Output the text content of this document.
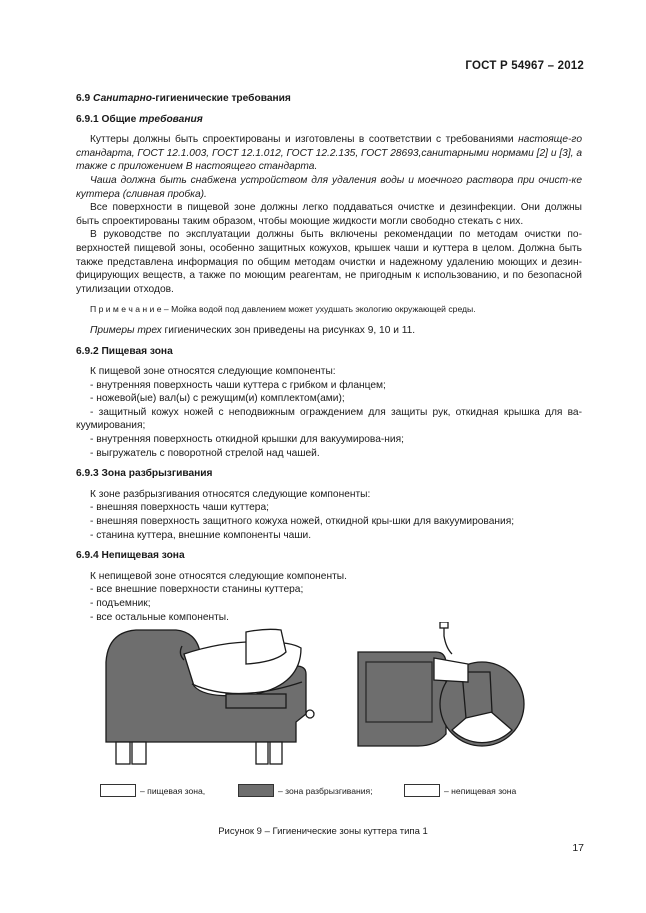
ГОСТ Р 54967 – 2012
6.9 Санитарно-гигиенические требования
6.9.1 Общие требования

Куттеры должны быть спроектированы и изготовлены в соответствии с требованиями настояще-го стандарта, ГОСТ 12.1.003, ГОСТ 12.1.012, ГОСТ 12.2.135, ГОСТ 28693,санитарными нормами [2] и [3], а также с приложением В настоящего стандарта.

Чаша должна быть снабжена устройством для удаления воды и моечного раствора при очист-ке куттера (сливная пробка).

Все поверхности в пищевой зоне должны легко поддаваться очистке и дезинфекции. Они должны быть спроектированы таким образом, чтобы моющие жидкости могли свободно стекать с них.

В руководстве по эксплуатации должны быть включены рекомендации по методам очистки по-верхностей пищевой зоны, особенно защитных кожухов, крышек чаши и куттера в целом. Должна быть также представлена информация по общим методам очистки и надежному удалению моющих и дезин-фицирующих веществ, а также по моющим реагентам, не пригодным к использованию, и по безопасной утилизации отходов.

П р и м е ч а н и е – Мойка водой под давлением может ухудшать экологию окружающей среды.

Примеры трех гигиенических зон приведены на рисунках 9, 10 и 11.

6.9.2 Пищевая зона

К пищевой зоне относятся следующие компоненты:

- внутренняя поверхность чаши куттера с грибком и фланцем;
- ножевой(ые) вал(ы) с режущим(и) комплектом(ами);
- защитный кожух ножей с неподвижным ограждением для защиты рук, откидная крышка для ва-куумирования;
- внутренняя поверхность откидной крышки для вакуумирова-ния;
- выгружатель с поворотной стрелой над чашей.
6.9.3 Зона разбрызгивания

К зоне разбрызгивания относятся следующие компоненты:

- внешняя поверхность чаши куттера;
- внешняя поверхность защитного кожуха ножей, откидной кры-шки для вакуумирования;
- станина куттера, внешние компоненты чаши.
6.9.4 Непищевая зона

К непищевой зоне относятся следующие компоненты.

- все внешние поверхности станины куттера;
- подъемник;
- все остальные компоненты.
– пищевая зона,	– зона разбрызгивания;	– непищевая зона
Рисунок 9 – Гигиенические зоны куттера типа 1
17
